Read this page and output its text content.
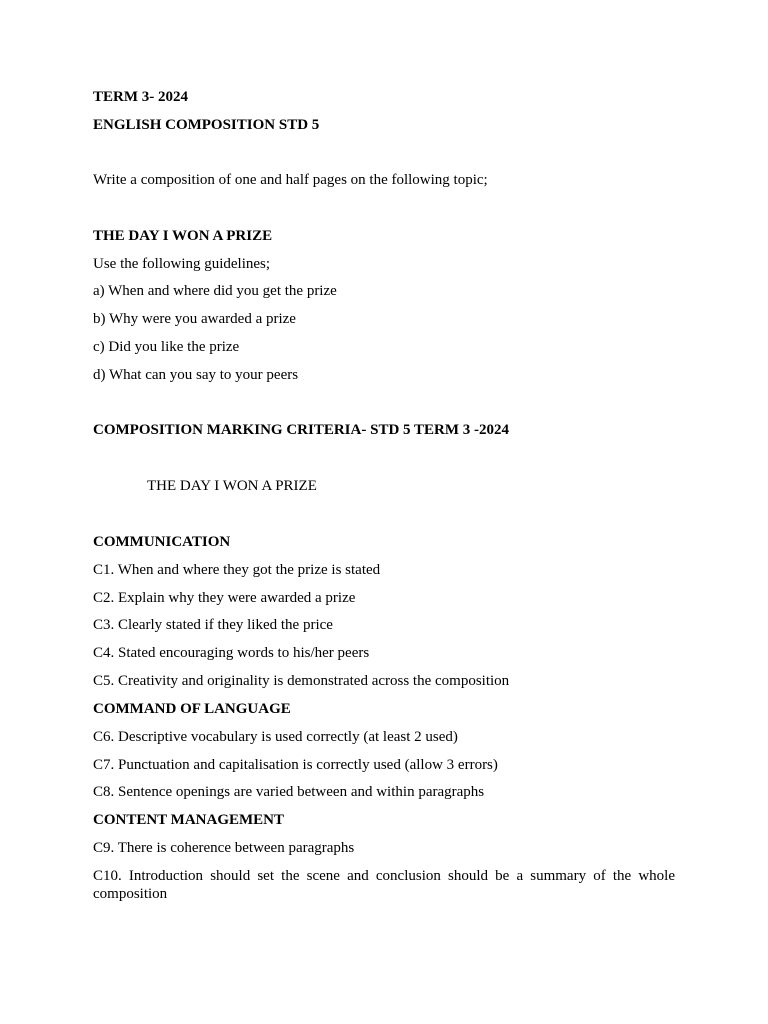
TERM 3- 2024
ENGLISH COMPOSITION STD 5
Write a composition of one and half pages on the following topic;
THE DAY I WON A PRIZE
Use the following guidelines;
a) When and where did you get the prize
b) Why were you awarded a prize
c) Did you like the prize
d) What can you say to your peers
COMPOSITION MARKING CRITERIA- STD 5 TERM 3 -2024
THE DAY I WON A PRIZE
COMMUNICATION
C1. When and where they got the prize is stated
C2. Explain why they were awarded a prize
C3. Clearly stated if they liked the price
C4. Stated encouraging words to his/her peers
C5. Creativity and originality is demonstrated across the composition
COMMAND OF LANGUAGE
C6. Descriptive vocabulary is used correctly (at least 2 used)
C7. Punctuation and capitalisation is correctly used (allow 3 errors)
C8. Sentence openings are varied between and within paragraphs
CONTENT MANAGEMENT
C9. There is coherence between paragraphs
C10. Introduction should set the scene and conclusion should be a summary of the whole composition
